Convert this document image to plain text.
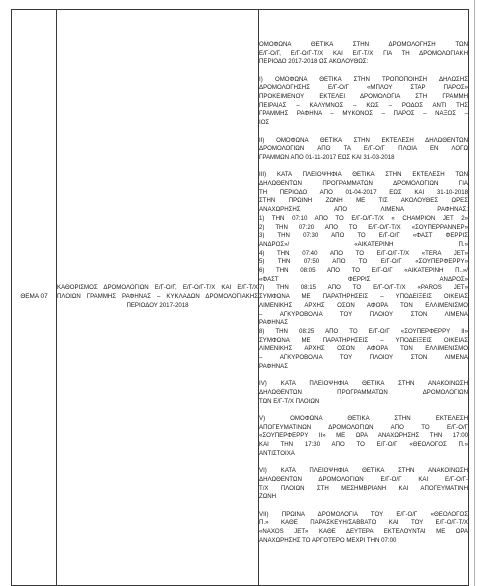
ΘΕΜΑ 07	
ΚΑΘΟΡΙΣΜΟΣ ΔΡΟΜΟΛΟΓΙΩΝ Ε/Γ-Ο/Γ, Ε/Γ-Ο/Γ-Τ/Χ ΚΑΙ Ε/Γ-Τ/Χ ΠΛΟΙΩΝ ΓΡΑΜΜΗΣ ΡΑΦΗΝΑΣ – ΚΥΚΛΑΔΩΝ ΔΡΟΜΟΛΟΓΙΑΚΗΣ ΠΕΡΙΟΔΟΥ 2017-2018

ΟΜΟΦΩΝΑ ΘΕΤΙΚΑ ΣΤΗΝ ΔΡΟΜΟΛΟΓΗΣΗ ΤΩΝ
Ε/Γ-Ο/Γ, Ε/Γ-Ο/Γ-Τ/Χ ΚΑΙ Ε/Γ-Τ/Χ ΓΙΑ ΤΗ ΔΡΟΜΟΛΟΓΙΑΚΗ
ΠΕΡΙΟΔΟ 2017-2018 ΩΣ ΑΚΟΛΟΥΘΩΣ:

I) ΟΜΟΦΩΝΑ ΘΕΤΙΚΑ ΣΤΗΝ ΤΡΟΠΟΠΟΙΗΣΗ ΔΗΛΩΣΗΣ
ΔΡΟΜΟΛΟΓΗΣΗΣ Ε/Γ-Ο/Γ «ΜΠΛΟΥ ΣΤΑΡ ΠΑΡΟΣ»
ΠΡΟΚΕΙΜΕΝΟΥ ΕΚΤΕΛΕΙ ΔΡΟΜΟΛΟΓΙΑ ΣΤΗ ΓΡΑΜΜΗ
ΠΕΙΡΑΙΑΣ – ΚΑΛΥΜΝΟΣ – ΚΩΣ – ΡΟΔΟΣ ΑΝΤΙ ΤΗΣ
ΓΡΑΜΜΗΣ ΡΑΦΗΝΑ – ΜΥΚΟΝΟΣ – ΠΑΡΟΣ – ΝΑΞΟΣ –
ΙΟΣ

II) ΟΜΟΦΩΝΑ ΘΕΤΙΚΑ ΣΤΗΝ ΕΚΤΕΛΕΣΗ ΔΗΛΩΘΕΝΤΩΝ
ΔΡΟΜΟΛΟΓΙΩΝ ΑΠΟ ΤΑ Ε/Γ-Ο/Γ ΠΛΟΙΑ ΕΝ ΛΟΓΩ
ΓΡΑΜΜΩΝ ΑΠΟ 01-11-2017 ΕΩΣ ΚΑΙ 31-03-2018

III) ΚΑΤΑ ΠΛΕΙΟΨΗΦΙΑ ΘΕΤΙΚΑ ΣΤΗΝ ΕΚΤΕΛΕΣΗ ΤΩΝ
ΔΗΛΩΘΕΝΤΩΝ ΠΡΟΓΡΑΜΜΑΤΩΝ ΔΡΟΜΟΛΟΓΙΩΝ ΓΙΑ
ΤΗ ΠΕΡΙΟΔΟ ΑΠΟ 01-04-2017 ΕΩΣ ΚΑΙ 31-10-2018
ΣΤΗΝ ΠΡΩΙΝΗ ΖΩΝΗ ΜΕ ΤΙΣ ΑΚΟΛΟΥΘΕΣ ΩΡΕΣ
ΑΝΑΧΩΡΗΣΗΣ ΑΠΟ ΛΙΜΕΝΑ ΡΑΦΗΝΑΣ:
1) ΤΗΝ 07:10 ΑΠΟ ΤΟ Ε/Γ-Ο/Γ-Τ/Χ « CHAMPION JET 2»
2) ΤΗΝ 07:20 ΑΠΟ ΤΟ Ε/Γ-Ο/Γ-Τ/Χ «ΣΟΥΠΕΡΡΑΝΝΕΡ»
3) ΤΗΝ 07:30 ΑΠΟ ΤΟ Ε/Γ-Ο/Γ «ΦΑΣΤ ΦΕΡΡΙΣ
ΑΝΔΡΟΣ»/ «ΑΙΚΑΤΕΡΙΝΗ Π.»
4) ΤΗΝ 07:40 ΑΠΟ ΤΟ Ε/Γ-Ο/Γ-Τ/Χ «TERA JET»
5) ΤΗΝ 07:50 ΑΠΟ ΤΟ Ε/Γ-Ο/Γ «ΣΟΥΠΕΡΦΕΡΡΥ»
6) ΤΗΝ 08:05 ΑΠΟ ΤΟ Ε/Γ-Ο/Γ «ΑΙΚΑΤΕΡΙΝΗ Π..»/
«ΦΑΣΤ ΦΕΡΡΙΣ ΑΝΔΡΟΣ»
7) ΤΗΝ 08:15 ΑΠΟ ΤΟ Ε/Γ-Ο/Γ-Τ/Χ «PAROS JET»
ΣΥΜΦΩΝΑ ΜΕ ΠΑΡΑΤΗΡΗΣΕΙΣ – ΥΠΟΔΕΙΞΕΙΣ ΟΙΚΕΙΑΣ
ΛΙΜΕΝΙΚΗΣ ΑΡΧΗΣ ΟΣΟΝ ΑΦΟΡΑ ΤΟΝ ΕΛΛΙΜΕΝΙΣΜΟ
– ΑΓΚΥΡΟΒΟΛΙΑ ΤΟΥ ΠΛΟΙΟΥ ΣΤΟΝ ΛΙΜΕΝΑ
ΡΑΦΗΝΑΣ
8) ΤΗΝ 08:25 ΑΠΟ ΤΟ Ε/Γ-Ο/Γ «ΣΟΥΠΕΡΦΕΡΡΥ II»
ΣΥΜΦΩΝΑ ΜΕ ΠΑΡΑΤΗΡΗΣΕΙΣ – ΥΠΟΔΕΙΞΕΙΣ ΟΙΚΕΙΑΣ
ΛΙΜΕΝΙΚΗΣ ΑΡΧΗΣ ΟΣΟΝ ΑΦΟΡΑ ΤΟΝ ΕΛΛΙΜΕΝΙΣΜΟ
– ΑΓΚΥΡΟΒΟΛΙΑ ΤΟΥ ΠΛΟΙΟΥ ΣΤΟΝ ΛΙΜΕΝΑ
ΡΑΦΗΝΑΣ

IV) ΚΑΤΑ ΠΛΕΙΟΨΗΦΙΑ ΘΕΤΙΚΑ ΣΤΗΝ ΑΝΑΚΟΙΝΩΣΗ
ΔΗΛΩΘΕΝΤΩΝ ΠΡΟΓΡΑΜΜΑΤΩΝ ΔΡΟΜΟΛΟΓΙΩΝ
ΤΩΝ Ε/Γ-Τ/Χ ΠΛΟΙΩΝ

V) ΟΜΟΦΩΝΑ ΘΕΤΙΚΑ ΣΤΗΝ ΕΚΤΕΛΕΣΗ
ΑΠΟΓΕΥΜΑΤΙΝΩΝ ΔΡΟΜΟΛΟΓΙΩΝ ΑΠΟ ΤΟ Ε/Γ-Ο/Γ
«ΣΟΥΠΕΡΦΕΡΡΥ ΙΙ» ΜΕ ΩΡΑ ΑΝΑΧΩΡΗΣΗΣ ΤΗΝ 17:00
ΚΑΙ ΤΗΝ 17:30 ΑΠΟ ΤΟ Ε/Γ-Ο/Γ «ΘΕΟΛΟΓΟΣ Π.»
ΑΝΤΙΣΤΟΙΧΑ

VI) ΚΑΤΑ ΠΛΕΙΟΨΗΦΙΑ ΘΕΤΙΚΑ ΣΤΗΝ ΑΝΑΚΟΙΝΩΣΗ
ΔΗΛΩΘΕΝΤΩΝ ΔΡΟΜΟΛΟΓΙΩΝ Ε/Γ-Ο/Γ ΚΑΙ Ε/Γ-Ο/Γ-
Τ/Χ ΠΛΟΙΩΝ ΣΤΗ ΜΕΣΗΜΒΡΙΑΝΗ ΚΑΙ ΑΠΟΓΕΥΜΑΤΙΝΗ
ΖΩΝΗ

VII) ΠΡΩΙΝΑ ΔΡΟΜΟΛΟΓΙΑ ΤΟΥ Ε/Γ-Ο/Γ «ΘΕΟΛΟΓΟΣ
Π.» ΚΑΘΕ ΠΑΡΑΣΚΕΥΗ/ΣΑΒΒΑΤΟ ΚΑΙ ΤΟΥ Ε/Γ-Ο/Γ-Τ/Χ
«NAXOS JET» ΚΑΘΕ ΔΕΥΤΕΡΑ ΕΚΤΕΛΟΥΝΤΑΙ ΜΕ ΩΡΑ
ΑΝΑΧΩΡΗΣΗΣ ΤΟ ΑΡΓΟΤΕΡΟ ΜΕΧΡΙ ΤΗΝ 07:00
